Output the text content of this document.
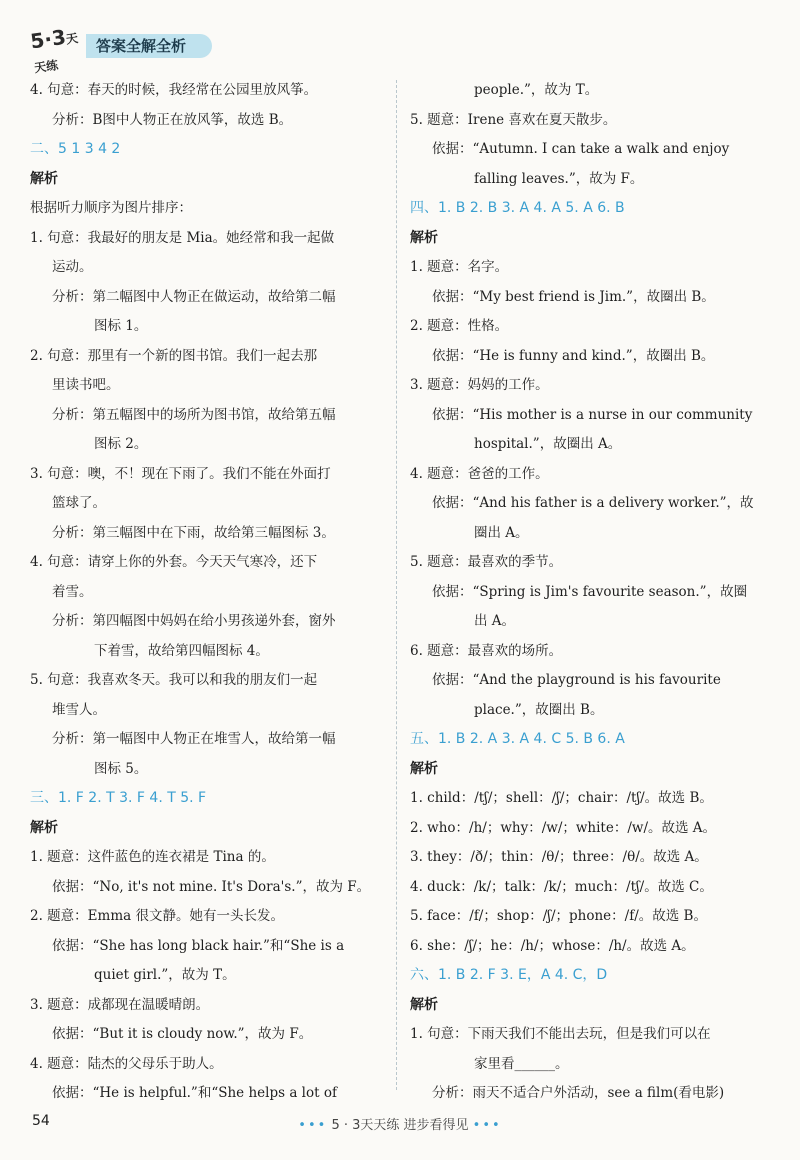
5·3天天练
答案全解全析
4. 句意：春天的时候，我经常在公园里放风筝。
分析：B图中人物正在放风筝，故选 B。
二、5 1 3 4 2
解析
根据听力顺序为图片排序：
1. 句意：我最好的朋友是 Mia。她经常和我一起做
运动。
分析：第二幅图中人物正在做运动，故给第二幅
图标 1。
2. 句意：那里有一个新的图书馆。我们一起去那
里读书吧。
分析：第五幅图中的场所为图书馆，故给第五幅
图标 2。
3. 句意：噢，不！现在下雨了。我们不能在外面打
篮球了。
分析：第三幅图中在下雨，故给第三幅图标 3。
4. 句意：请穿上你的外套。今天天气寒冷，还下
着雪。
分析：第四幅图中妈妈在给小男孩递外套，窗外
下着雪，故给第四幅图标 4。
5. 句意：我喜欢冬天。我可以和我的朋友们一起
堆雪人。
分析：第一幅图中人物正在堆雪人，故给第一幅
图标 5。
三、1. F 2. T 3. F 4. T 5. F
解析
1. 题意：这件蓝色的连衣裙是 Tina 的。
依据：“No, it's not mine. It's Dora's.”，故为 F。
2. 题意：Emma 很文静。她有一头长发。
依据：“She has long black hair.”和“She is a
quiet girl.”，故为 T。
3. 题意：成都现在温暖晴朗。
依据：“But it is cloudy now.”，故为 F。
4. 题意：陆杰的父母乐于助人。
依据：“He is helpful.”和“She helps a lot of
people.”，故为 T。
5. 题意：Irene 喜欢在夏天散步。
依据：“Autumn. I can take a walk and enjoy
falling leaves.”，故为 F。
四、1. B 2. B 3. A 4. A 5. A 6. B
解析
1. 题意：名字。
依据：“My best friend is Jim.”，故圈出 B。
2. 题意：性格。
依据：“He is funny and kind.”，故圈出 B。
3. 题意：妈妈的工作。
依据：“His mother is a nurse in our community
hospital.”，故圈出 A。
4. 题意：爸爸的工作。
依据：“And his father is a delivery worker.”，故
圈出 A。
5. 题意：最喜欢的季节。
依据：“Spring is Jim's favourite season.”，故圈
出 A。
6. 题意：最喜欢的场所。
依据：“And the playground is his favourite
place.”，故圈出 B。
五、1. B 2. A 3. A 4. C 5. B 6. A
解析
1. child：/tʃ/；shell：/ʃ/；chair：/tʃ/。故选 B。
2. who：/h/；why：/w/；white：/w/。故选 A。
3. they：/ð/；thin：/θ/；three：/θ/。故选 A。
4. duck：/k/；talk：/k/；much：/tʃ/。故选 C。
5. face：/f/；shop：/ʃ/；phone：/f/。故选 B。
6. she：/ʃ/；he：/h/；whose：/h/。故选 A。
六、1. B 2. F 3. E，A 4. C，D
解析
1. 句意：下雨天我们不能出去玩，但是我们可以在
家里看______。
分析：雨天不适合户外活动，see a film(看电影)
54	••• 5 · 3天天练 进步看得见 •••
